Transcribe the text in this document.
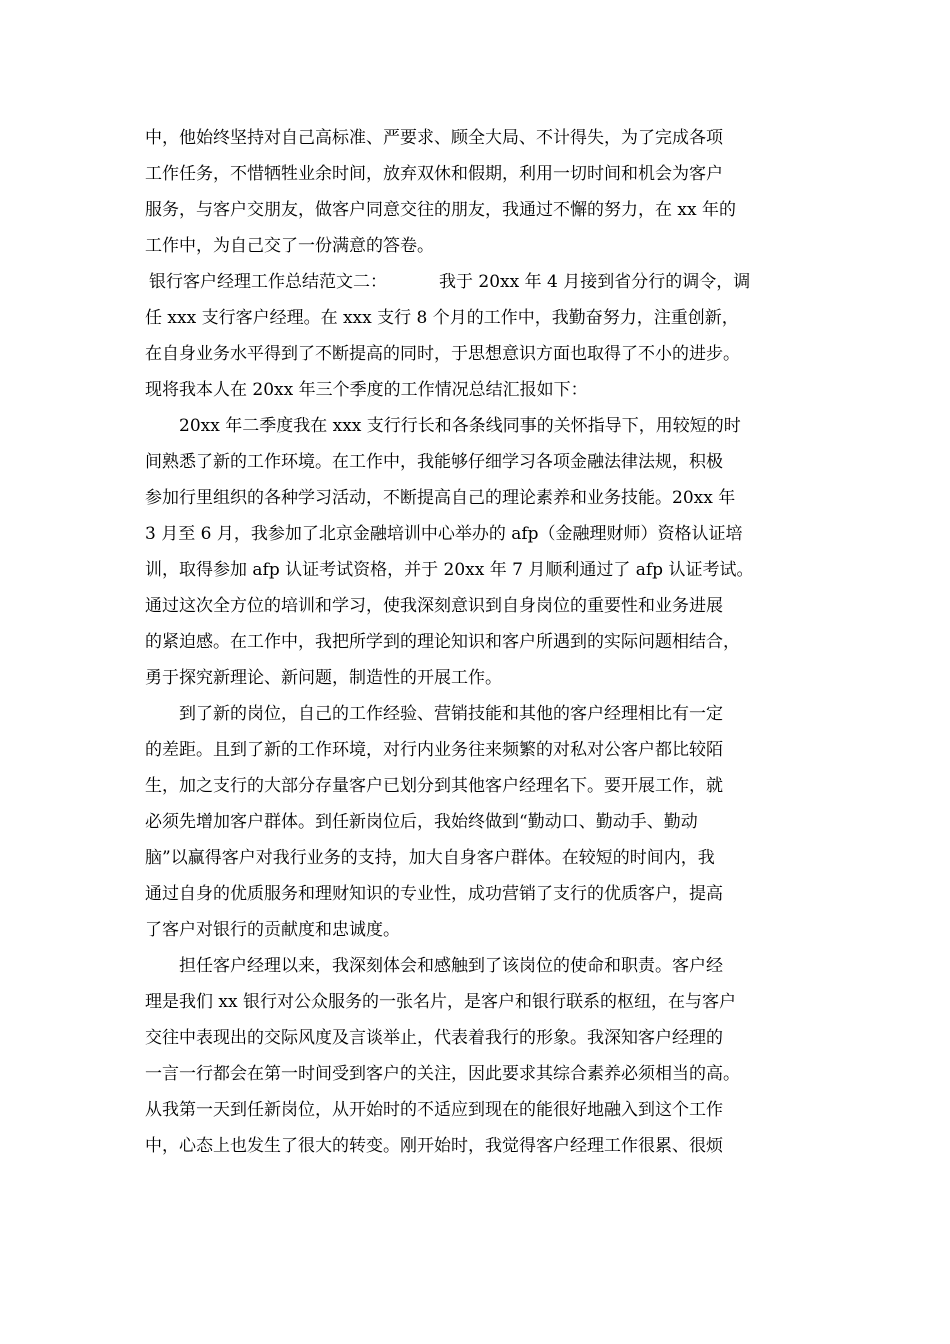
中，他始终坚持对自己高标准、严要求、顾全大局、不计得失，为了完成各项

工作任务，不惜牺牲业余时间，放弃双休和假期，利用一切时间和机会为客户

服务，与客户交朋友，做客户同意交往的朋友，我通过不懈的努力，在 xx 年的

工作中，为自己交了一份满意的答卷。

银行客户经理工作总结范文二：	我于 20xx 年 4 月接到省分行的调令，调

任 xxx 支行客户经理。在 xxx 支行 8 个月的工作中，我勤奋努力，注重创新，

在自身业务水平得到了不断提高的同时，于思想意识方面也取得了不小的进步。

现将我本人在 20xx 年三个季度的工作情况总结汇报如下：

20xx 年二季度我在 xxx 支行行长和各条线同事的关怀指导下，用较短的时

间熟悉了新的工作环境。在工作中，我能够仔细学习各项金融法律法规，积极

参加行里组织的各种学习活动，不断提高自己的理论素养和业务技能。20xx 年

3 月至 6 月，我参加了北京金融培训中心举办的 afp（金融理财师）资格认证培

训，取得参加 afp 认证考试资格，并于 20xx 年 7 月顺利通过了 afp 认证考试。

通过这次全方位的培训和学习，使我深刻意识到自身岗位的重要性和业务进展

的紧迫感。在工作中，我把所学到的理论知识和客户所遇到的实际问题相结合，

勇于探究新理论、新问题，制造性的开展工作。

到了新的岗位，自己的工作经验、营销技能和其他的客户经理相比有一定

的差距。且到了新的工作环境，对行内业务往来频繁的对私对公客户都比较陌

生，加之支行的大部分存量客户已划分到其他客户经理名下。要开展工作，就

必须先增加客户群体。到任新岗位后，我始终做到“勤动口、勤动手、勤动

脑”以赢得客户对我行业务的支持，加大自身客户群体。在较短的时间内，我

通过自身的优质服务和理财知识的专业性，成功营销了支行的优质客户，提高

了客户对银行的贡献度和忠诚度。

担任客户经理以来，我深刻体会和感触到了该岗位的使命和职责。客户经

理是我们 xx 银行对公众服务的一张名片，是客户和银行联系的枢纽，在与客户

交往中表现出的交际风度及言谈举止，代表着我行的形象。我深知客户经理的

一言一行都会在第一时间受到客户的关注，因此要求其综合素养必须相当的高。

从我第一天到任新岗位，从开始时的不适应到现在的能很好地融入到这个工作

中，心态上也发生了很大的转变。刚开始时，我觉得客户经理工作很累、很烦
